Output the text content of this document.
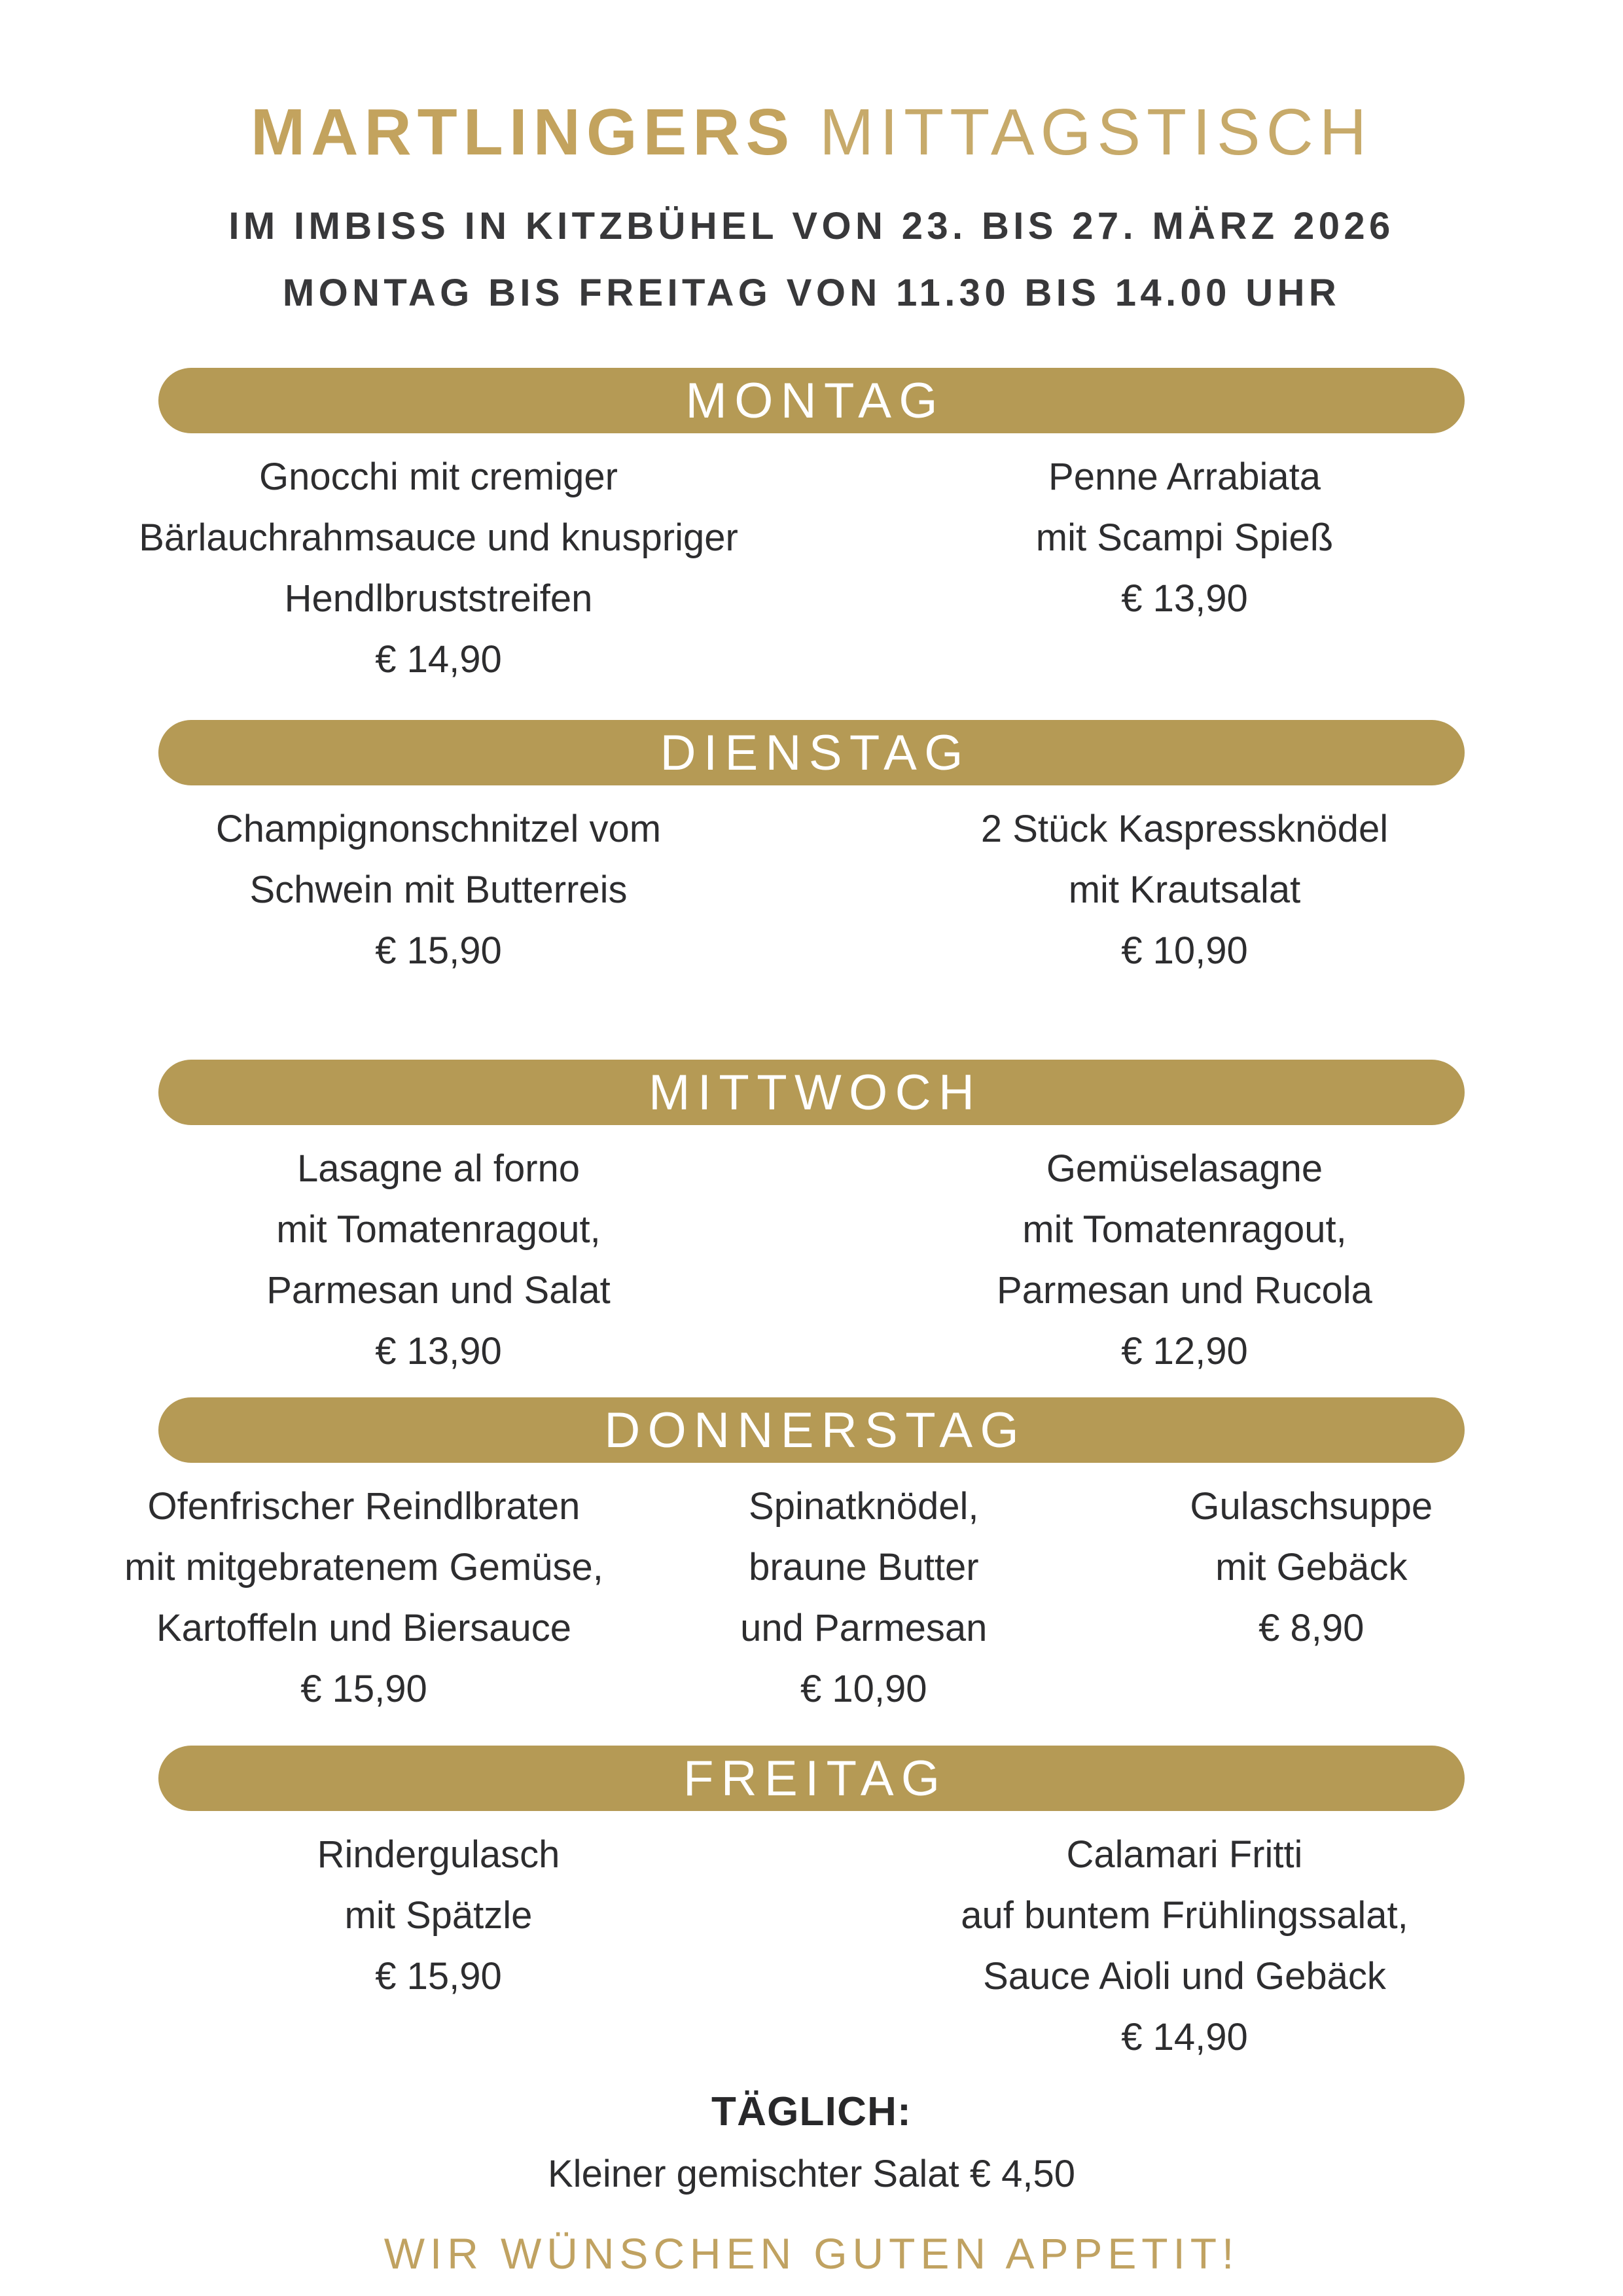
MARTLINGERS MITTAGSTISCH

IM IMBISS IN KITZBÜHEL VON 23. BIS 27. MÄRZ 2026

MONTAG BIS FREITAG VON 11.30 BIS 14.00 UHR

MONTAG
Gnocchi mit cremiger
Bärlauchrahmsauce und knuspriger
Hendlbruststreifen
€ 14,90
Penne Arrabiata
mit Scampi Spieß
€ 13,90
DIENSTAG
Champignonschnitzel vom
Schwein mit Butterreis
€ 15,90
2 Stück Kaspressknödel
mit Krautsalat
€ 10,90
MITTWOCH
Lasagne al forno
mit Tomatenragout,
Parmesan und Salat
€ 13,90
Gemüselasagne
mit Tomatenragout,
Parmesan und Rucola
€ 12,90
DONNERSTAG
Ofenfrischer Reindlbraten
mit mitgebratenem Gemüse,
Kartoffeln und Biersauce
€ 15,90
Spinatknödel,
braune Butter
und Parmesan
€ 10,90
Gulaschsuppe
mit Gebäck
€ 8,90
FREITAG
Rindergulasch
mit Spätzle
€ 15,90
Calamari Fritti
auf buntem Frühlingssalat,
Sauce Aioli und Gebäck
€ 14,90
TÄGLICH:
Kleiner gemischter Salat € 4,50
WIR WÜNSCHEN GUTEN APPETIT!
